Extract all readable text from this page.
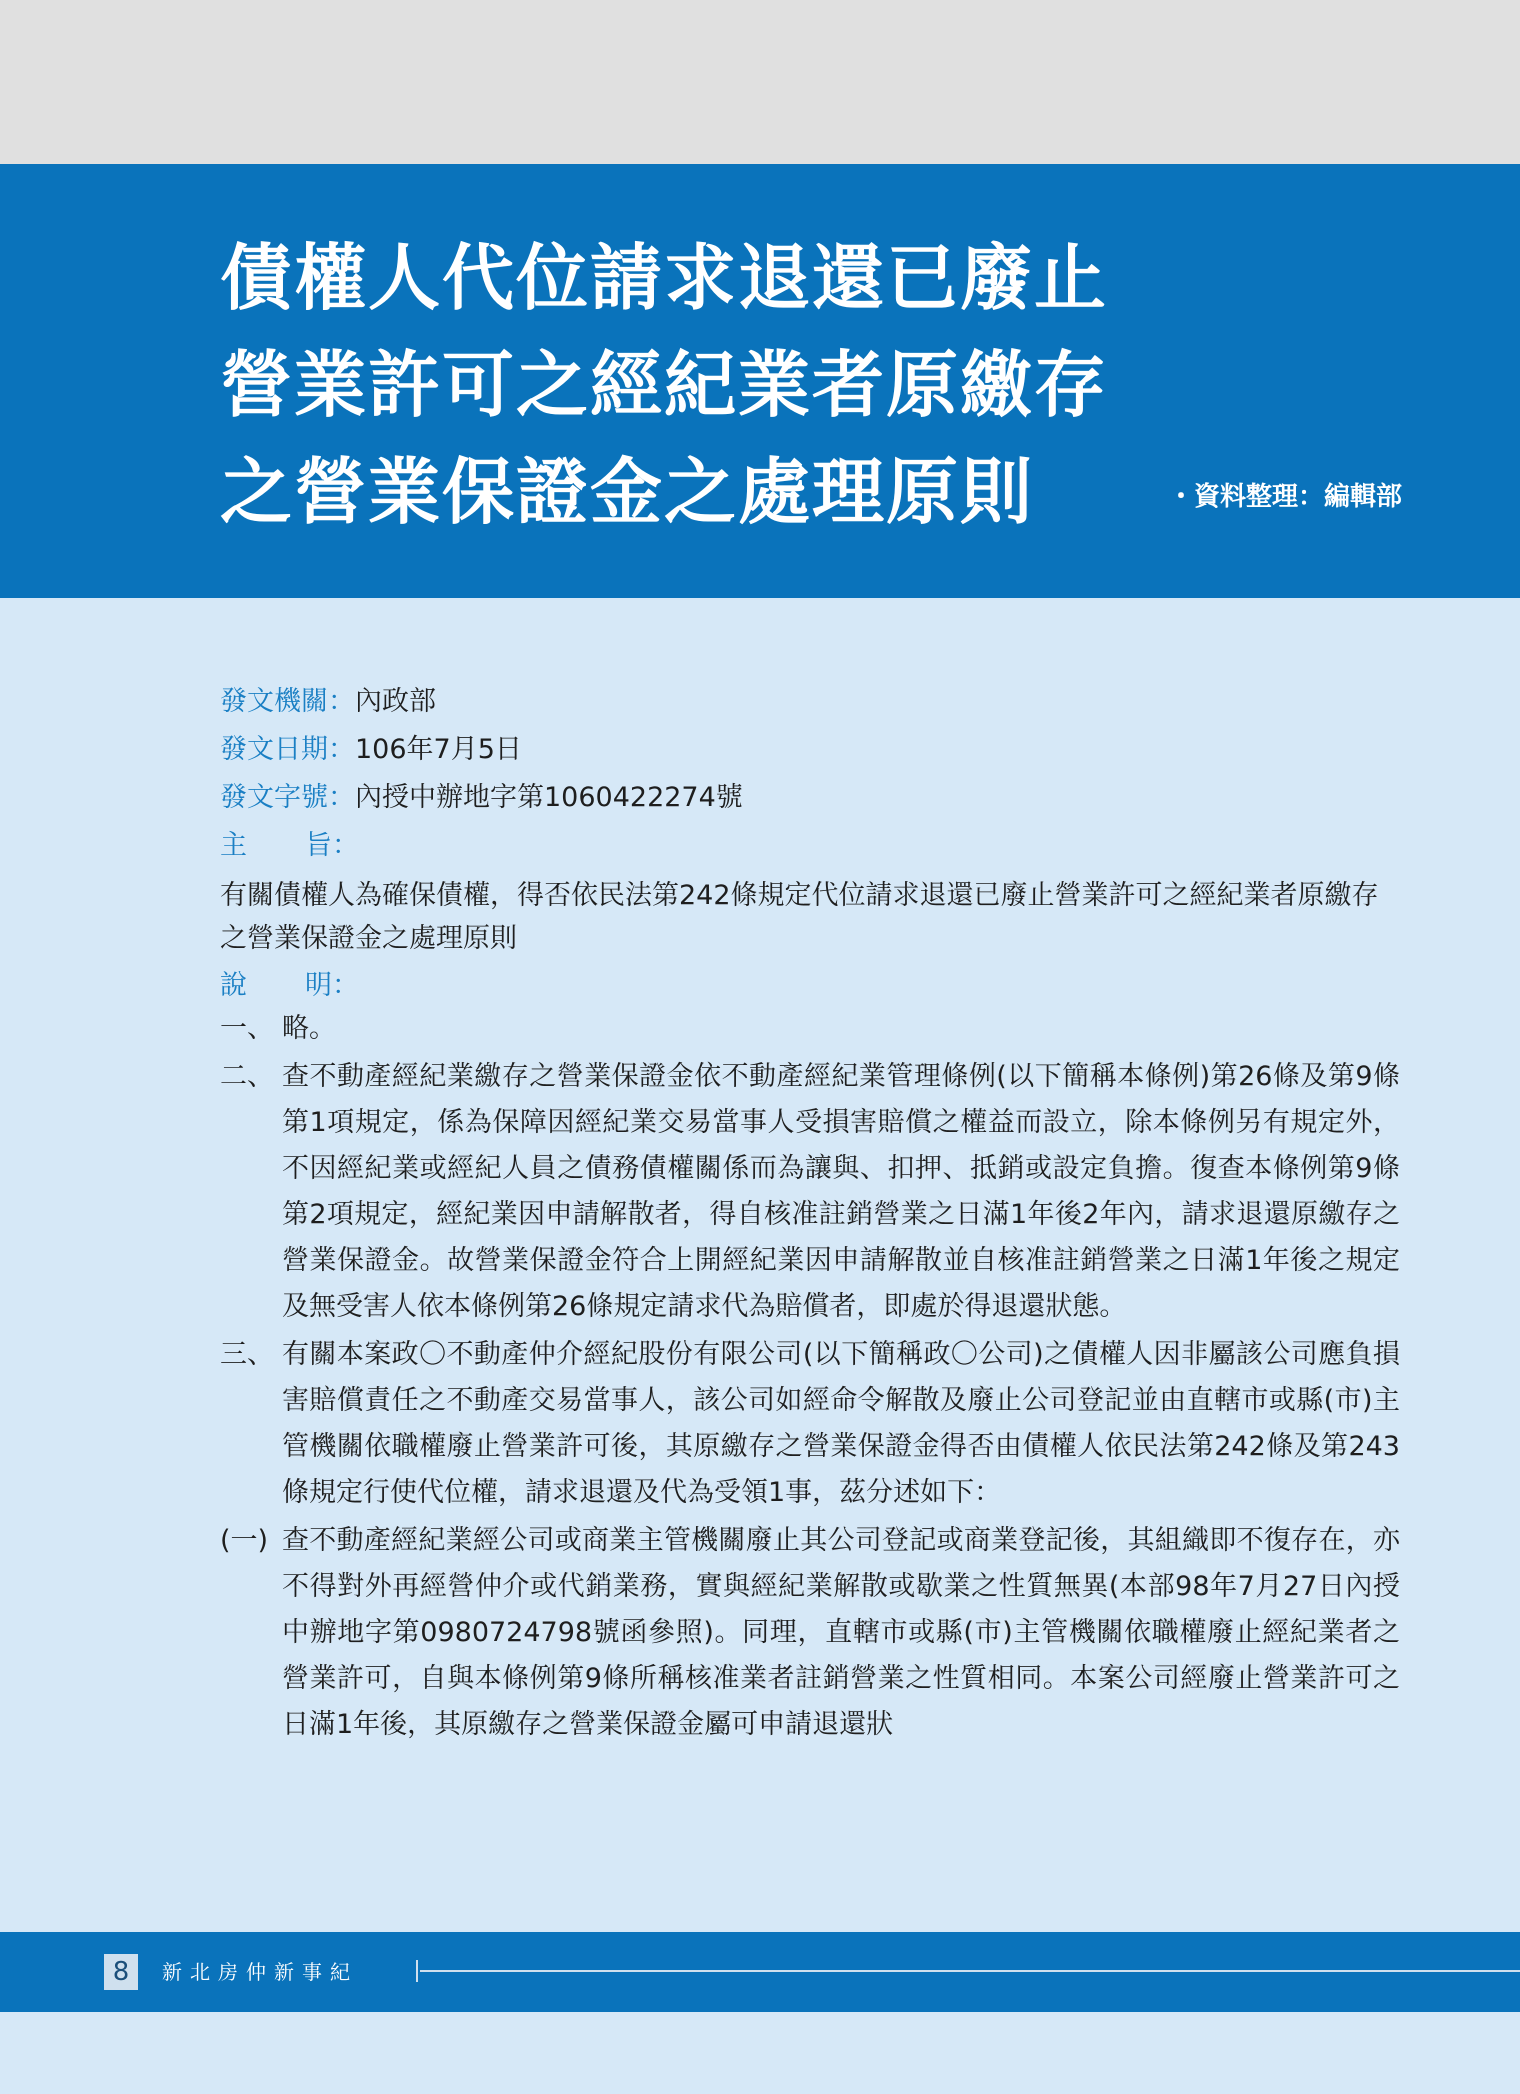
債權人代位請求退還已廢止
營業許可之經紀業者原繳存
之營業保證金之處理原則	・資料整理：編輯部
發文機關：內政部
發文日期：106年7月5日
發文字號：內授中辦地字第1060422274號
主　旨：
有關債權人為確保債權，得否依民法第242條規定代位請求退還已廢止營業許可之經紀業者原繳存之營業保證金之處理原則
說　明：
一、 略。
二、 查不動產經紀業繳存之營業保證金依不動產經紀業管理條例(以下簡稱本條例)第26條及第9條第1項規定，係為保障因經紀業交易當事人受損害賠償之權益而設立，除本條例另有規定外，不因經紀業或經紀人員之債務債權關係而為讓與、扣押、抵銷或設定負擔。復查本條例第9條第2項規定，經紀業因申請解散者，得自核准註銷營業之日滿1年後2年內，請求退還原繳存之營業保證金。故營業保證金符合上開經紀業因申請解散並自核准註銷營業之日滿1年後之規定及無受害人依本條例第26條規定請求代為賠償者，即處於得退還狀態。
三、 有關本案政〇不動產仲介經紀股份有限公司(以下簡稱政〇公司)之債權人因非屬該公司應負損害賠償責任之不動產交易當事人，該公司如經命令解散及廢止公司登記並由直轄市或縣(市)主管機關依職權廢止營業許可後，其原繳存之營業保證金得否由債權人依民法第242條及第243條規定行使代位權，請求退還及代為受領1事，茲分述如下：
(一) 查不動產經紀業經公司或商業主管機關廢止其公司登記或商業登記後，其組織即不復存在，亦不得對外再經營仲介或代銷業務，實與經紀業解散或歇業之性質無異(本部98年7月27日內授中辦地字第0980724798號函參照)。同理，直轄市或縣(市)主管機關依職權廢止經紀業者之營業許可，自與本條例第9條所稱核准業者註銷營業之性質相同。本案公司經廢止營業許可之日滿1年後，其原繳存之營業保證金屬可申請退還狀
8	新北房仲新事紀
